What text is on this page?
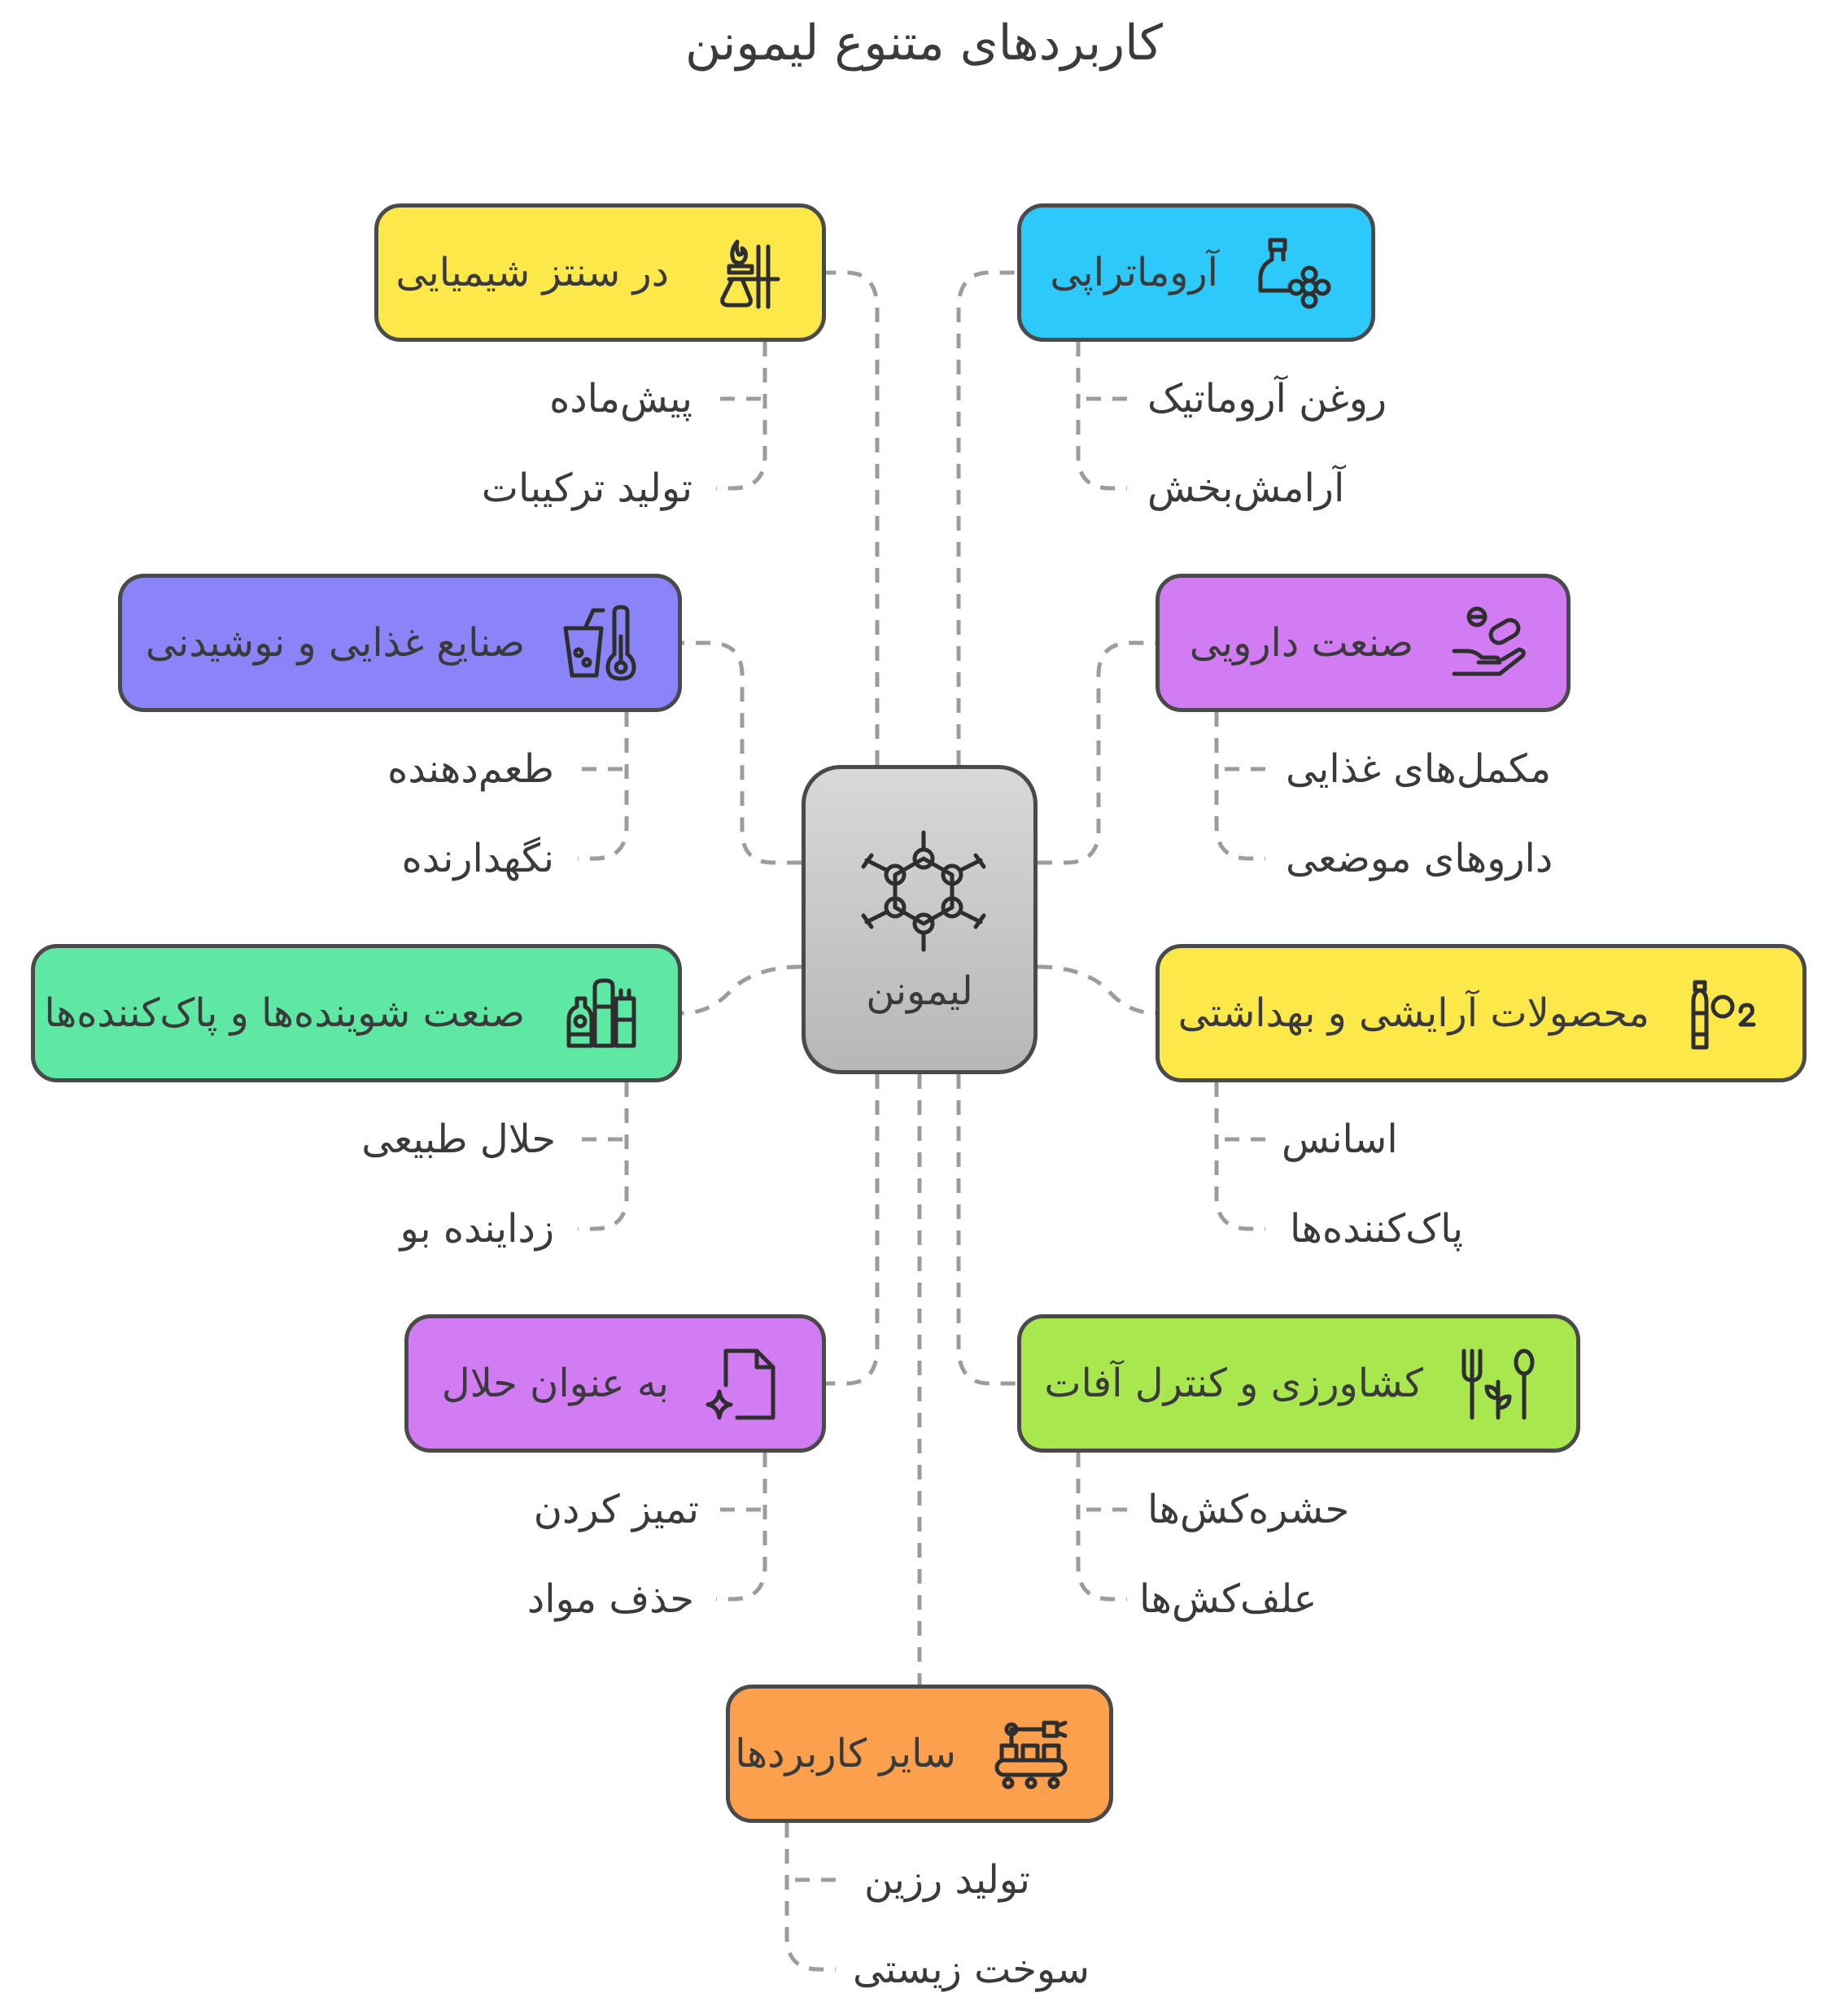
کاربردهای متنوع لیمونن
لیمونن
در سنتز شیمیایی
پیش‌ماده
تولید ترکیبات
آروماتراپی
روغن آروماتیک
آرامش‌بخش
صنایع غذایی و نوشیدنی
طعم‌دهنده
نگهدارنده
صنعت دارویی
مکمل‌های غذایی
داروهای موضعی
صنعت شوینده‌ها و پاک‌کننده‌ها
حلال طبیعی
زداینده بو
محصولات آرایشی و بهداشتی
اسانس
پاک‌کننده‌ها
به عنوان حلال
تمیز کردن
حذف مواد
کشاورزی و کنترل آفات
حشره‌کش‌ها
علف‌کش‌ها
سایر کاربردها
تولید رزین
سوخت زیستی
